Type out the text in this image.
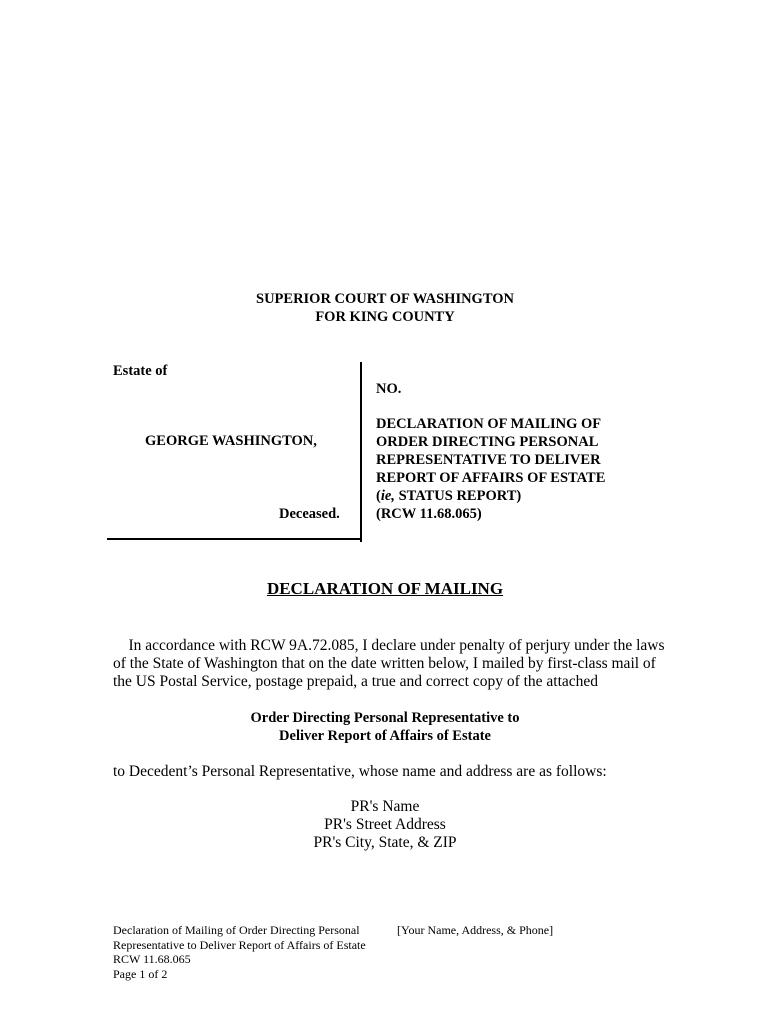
SUPERIOR COURT OF WASHINGTON
FOR KING COUNTY
Estate of
GEORGE WASHINGTON,
Deceased.
NO.
DECLARATION OF MAILING OF
ORDER DIRECTING PERSONAL
REPRESENTATIVE TO DELIVER
REPORT OF AFFAIRS OF ESTATE
(ie, STATUS REPORT)
(RCW 11.68.065)
DECLARATION OF MAILING
In accordance with RCW 9A.72.085, I declare under penalty of perjury under the laws
of the State of Washington that on the date written below, I mailed by first-class mail of
the US Postal Service, postage prepaid, a true and correct copy of the attached
Order Directing Personal Representative to
Deliver Report of Affairs of Estate
to Decedent’s Personal Representative, whose name and address are as follows:
PR's Name
PR's Street Address
PR's City, State, & ZIP
Declaration of Mailing of Order Directing Personal
Representative to Deliver Report of Affairs of Estate
RCW 11.68.065
Page 1 of 2
[Your Name, Address, & Phone]
